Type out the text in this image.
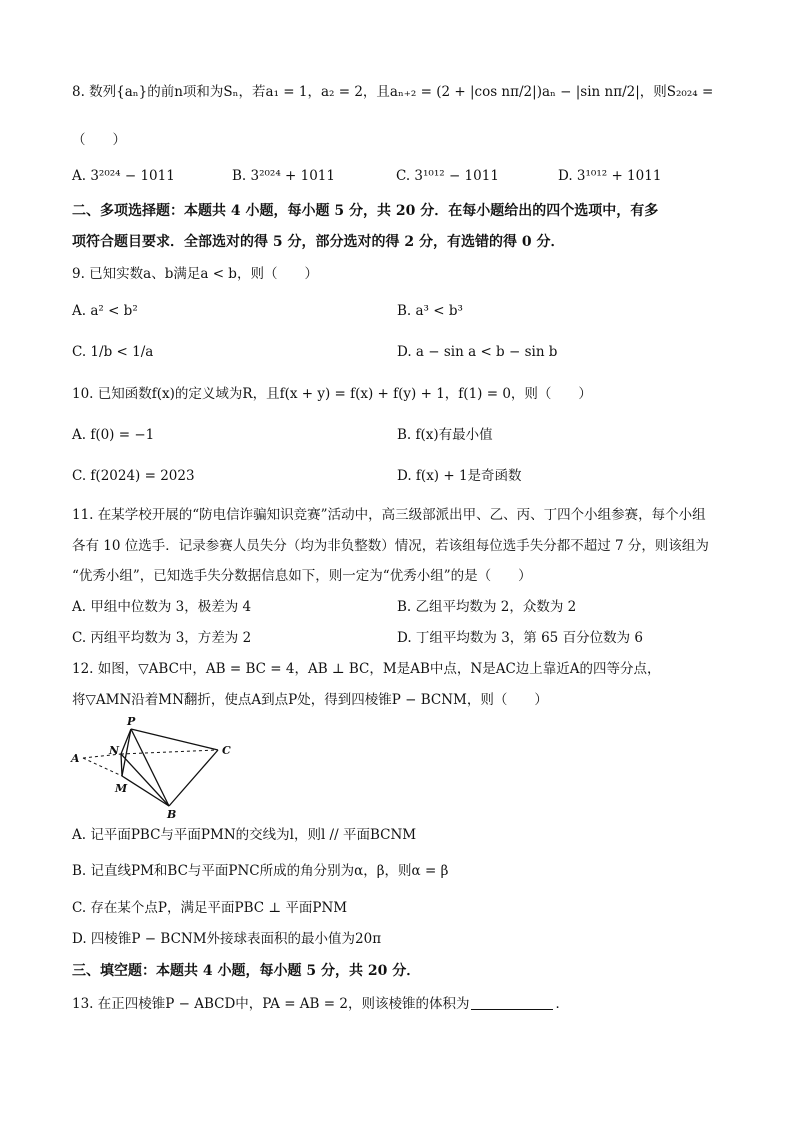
8. 数列{aₙ}的前n项和为Sₙ，若a₁ = 1，a₂ = 2，且aₙ₊₂ = (2 + |cos nπ/2|)aₙ − |sin nπ/2|，则S₂₀₂₄ =
（　　）
A. 3²⁰²⁴ − 1011	B. 3²⁰²⁴ + 1011	C. 3¹⁰¹² − 1011	D. 3¹⁰¹² + 1011
二、多项选择题：本题共 4 小题，每小题 5 分，共 20 分．在每小题给出的四个选项中，有多
项符合题目要求．全部选对的得 5 分，部分选对的得 2 分，有选错的得 0 分．
9. 已知实数a、b满足a < b，则（　　）
A. a² < b²	B. a³ < b³
C. 1/b < 1/a	D. a − sin a < b − sin b
10. 已知函数f(x)的定义域为R，且f(x + y) = f(x) + f(y) + 1，f(1) = 0，则（　　）
A. f(0) = −1	B. f(x)有最小值
C. f(2024) = 2023	D. f(x) + 1是奇函数
11. 在某学校开展的“防电信诈骗知识竞赛”活动中，高三级部派出甲、乙、丙、丁四个小组参赛，每个小组
各有 10 位选手．记录参赛人员失分（均为非负整数）情况，若该组每位选手失分都不超过 7 分，则该组为
“优秀小组”，已知选手失分数据信息如下，则一定为“优秀小组”的是（　　）
A. 甲组中位数为 3，极差为 4	B. 乙组平均数为 2，众数为 2
C. 丙组平均数为 3，方差为 2	D. 丁组平均数为 3，第 65 百分位数为 6
12. 如图，▽ABC中，AB = BC = 4，AB ⊥ BC，M是AB中点，N是AC边上靠近A的四等分点，
将▽AMN沿着MN翻折，使点A到点P处，得到四棱锥P − BCNM，则（　　）
P
N
A
M
C
B
A. 记平面PBC与平面PMN的交线为l，则l // 平面BCNM
B. 记直线PM和BC与平面PNC所成的角分别为α，β，则α = β
C. 存在某个点P，满足平面PBC ⊥ 平面PNM
D. 四棱锥P − BCNM外接球表面积的最小值为20π
三、填空题：本题共 4 小题，每小题 5 分，共 20 分．
13. 在正四棱锥P − ABCD中，PA = AB = 2，则该棱锥的体积为	．
